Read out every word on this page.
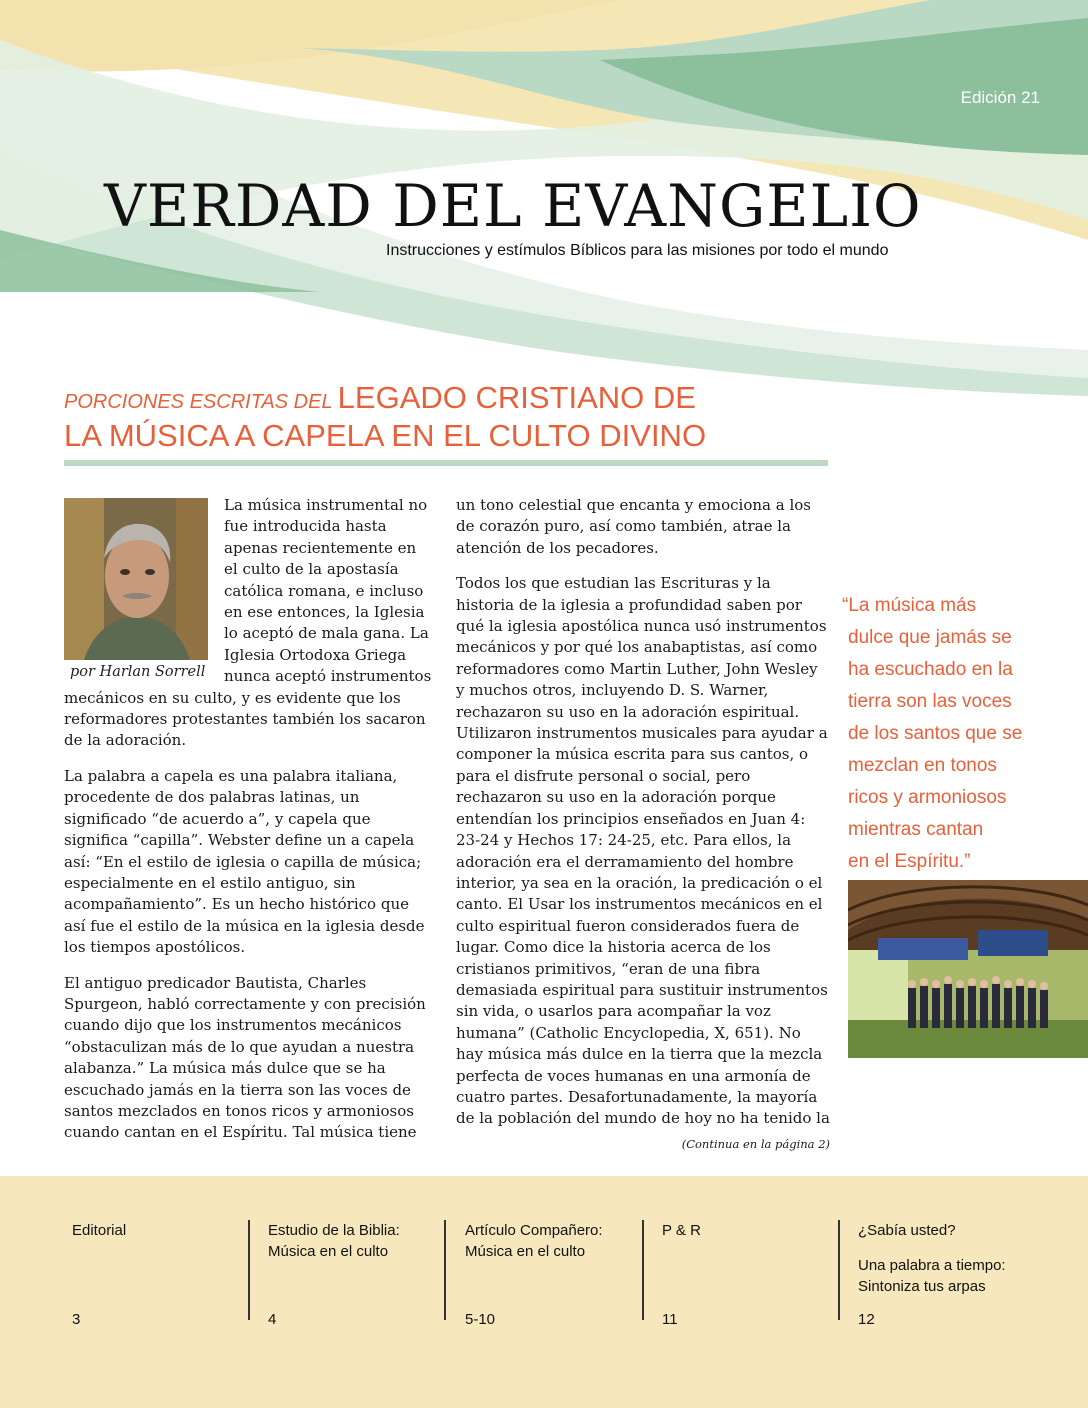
Edición 21
VERDAD DEL EVANGELIO
Instrucciones y estímulos Bíblicos para las misiones por todo el mundo
PORCIONES ESCRITAS DEL LEGADO CRISTIANO DE
LA MÚSICA A CAPELA EN EL CULTO DIVINO
por Harlan Sorrell

La música instrumental no fue introducida hasta apenas recientemente en el culto de la apostasía católica romana, e incluso en ese entonces, la Iglesia lo aceptó de mala gana. La Iglesia Ortodoxa Griega nunca aceptó instrumentos mecánicos en su culto, y es evidente que los reformadores protestantes también los sacaron de la adoración.

La palabra a capela es una palabra italiana, procedente de dos palabras latinas, un significado “de acuerdo a”, y capela que significa “capilla”. Webster define un a capela así: “En el estilo de iglesia o capilla de música; especialmente en el estilo antiguo, sin acompañamiento”. Es un hecho histórico que así fue el estilo de la música en la iglesia desde los tiempos apostólicos.

El antiguo predicador Bautista, Charles Spurgeon, habló correctamente y con precisión cuando dijo que los instrumentos mecánicos “obstaculizan más de lo que ayudan a nuestra alabanza.” La música más dulce que se ha escuchado jamás en la tierra son las voces de santos mezclados en tonos ricos y armoniosos cuando cantan en el Espíritu. Tal música tiene

un tono celestial que encanta y emociona a los de corazón puro, así como también, atrae la atención de los pecadores.

Todos los que estudian las Escrituras y la historia de la iglesia a profundidad saben por qué la iglesia apostólica nunca usó instrumentos mecánicos y por qué los anabaptistas, así como reformadores como Martin Luther, John Wesley y muchos otros, incluyendo D. S. Warner, rechazaron su uso en la adoración espiritual. Utilizaron instrumentos musicales para ayudar a componer la música escrita para sus cantos, o para el disfrute personal o social, pero rechazaron su uso en la adoración porque entendían los principios enseñados en Juan 4: 23-24 y Hechos 17: 24-25, etc. Para ellos, la adoración era el derramamiento del hombre interior, ya sea en la oración, la predicación o el canto. El Usar los instrumentos mecánicos en el culto espiritual fueron considerados fuera de lugar. Como dice la historia acerca de los cristianos primitivos, “eran de una fibra demasiada espiritual para sustituir instrumentos sin vida, o usarlos para acompañar la voz humana” (Catholic Encyclopedia, X, 651). No hay música más dulce en la tierra que la mezcla perfecta de voces humanas en una armonía de cuatro partes. Desafortunadamente, la mayoría de la población del mundo de hoy no ha tenido la

(Continua en la página 2)
“La música más
dulce que jamás se
ha escuchado en la
tierra son las voces
de los santos que se
mezclan en tonos
ricos y armoniosos
mientras cantan
en el Espíritu.”
Editorial
3
Estudio de la Biblia: Música en el culto
4
Artículo Compañero: Música en el culto
5-10
P & R
11
¿Sabía usted?
Una palabra a tiempo: Sintoniza tus arpas
12
